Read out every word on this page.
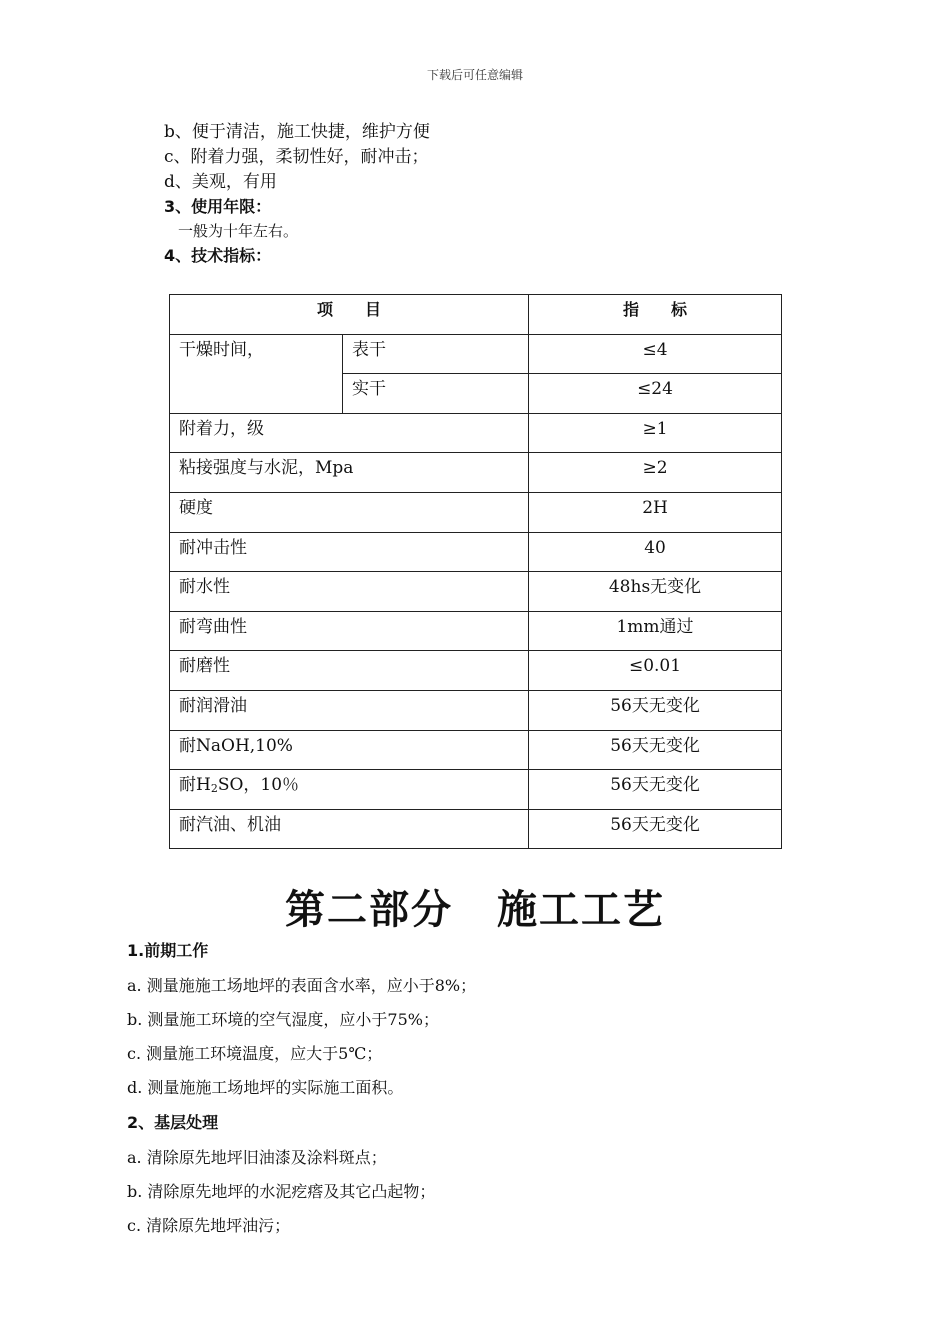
下载后可任意编辑
b、便于清洁，施工快捷，维护方便
c、附着力强，柔韧性好，耐冲击；
d、美观，有用
3、使用年限：
一般为十年左右。
4、技术指标：
项　　目		指　　标
干燥时间，	表干	≤4
	实干	≤24
附着力，级		≥1
粘接强度与水泥，Mpa		≥2
硬度		2H
耐冲击性		40
耐水性		48hs无变化
耐弯曲性		1mm通过
耐磨性		≤0.01
耐润滑油		56天无变化
耐NaOH,10%		56天无变化
耐H2SO，10％		56天无变化
耐汽油、机油		56天无变化
第二部分 施工工艺
1.前期工作
a. 测量施施工场地坪的表面含水率，应小于8%；
b. 测量施工环境的空气湿度，应小于75%；
c. 测量施工环境温度，应大于5℃；
d. 测量施施工场地坪的实际施工面积。
2、基层处理
a. 清除原先地坪旧油漆及涂料斑点；
b. 清除原先地坪的水泥疙瘩及其它凸起物；
c. 清除原先地坪油污；
